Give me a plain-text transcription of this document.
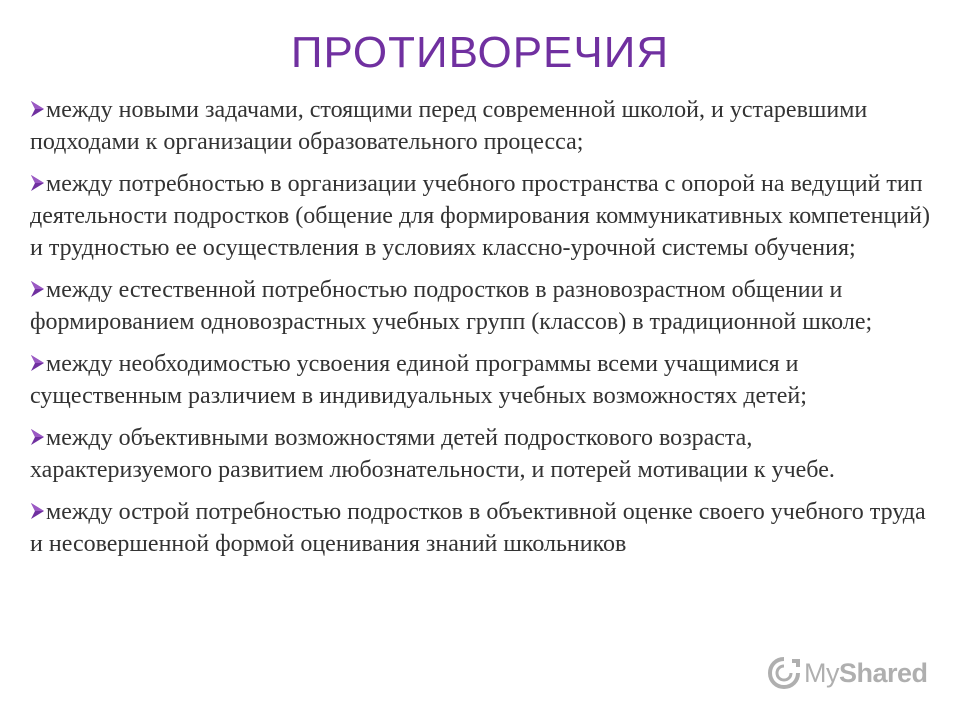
ПРОТИВОРЕЧИЯ
между новыми задачами, стоящими перед современной школой, и устаревшими подходами к организации образовательного процесса;
между потребностью в организации учебного пространства с опорой на ведущий тип деятельности подростков (общение для формирования коммуникативных компетенций) и трудностью ее осуществления в условиях классно-урочной системы обучения;
между естественной потребностью подростков в разновозрастном общении и формированием одновозрастных учебных групп (классов) в традиционной школе;
между необходимостью усвоения единой программы всеми учащимися и существенным различием в индивидуальных учебных возможностях детей;
между объективными возможностями детей подросткового возраста, характеризуемого развитием любознательности, и потерей мотивации к учебе.
между острой потребностью подростков в объективной оценке своего учебного труда и несовершенной формой оценивания знаний школьников
MyShared
